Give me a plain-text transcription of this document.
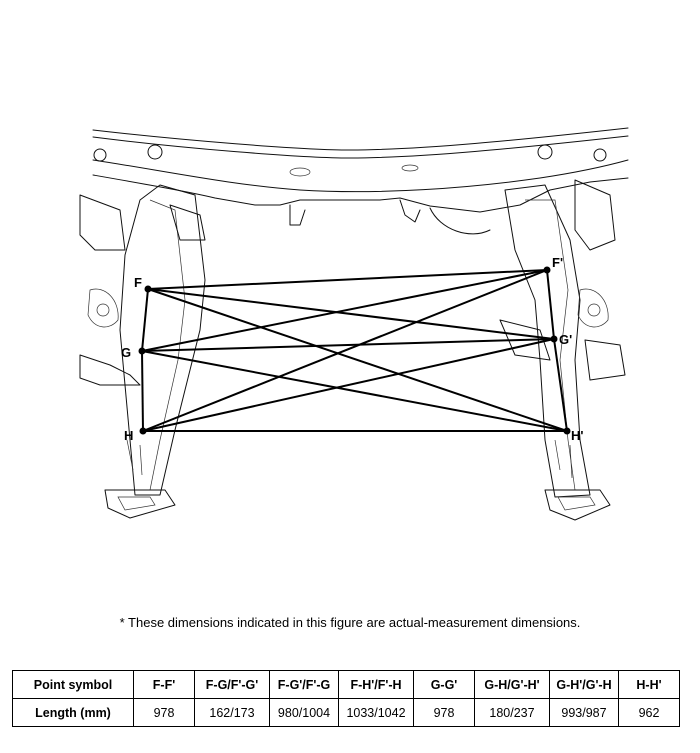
F
F'
G
G'
H	H'
* These dimensions indicated in this figure are actual-measurement dimensions.
Point symbol	F-F'	F-G/F'-G'	F-G'/F'-G	F-H'/F'-H	G-G'	G-H/G'-H'	G-H'/G'-H	H-H'
Length (mm)	978	162/173	980/1004	1033/1042	978	180/237	993/987	962
